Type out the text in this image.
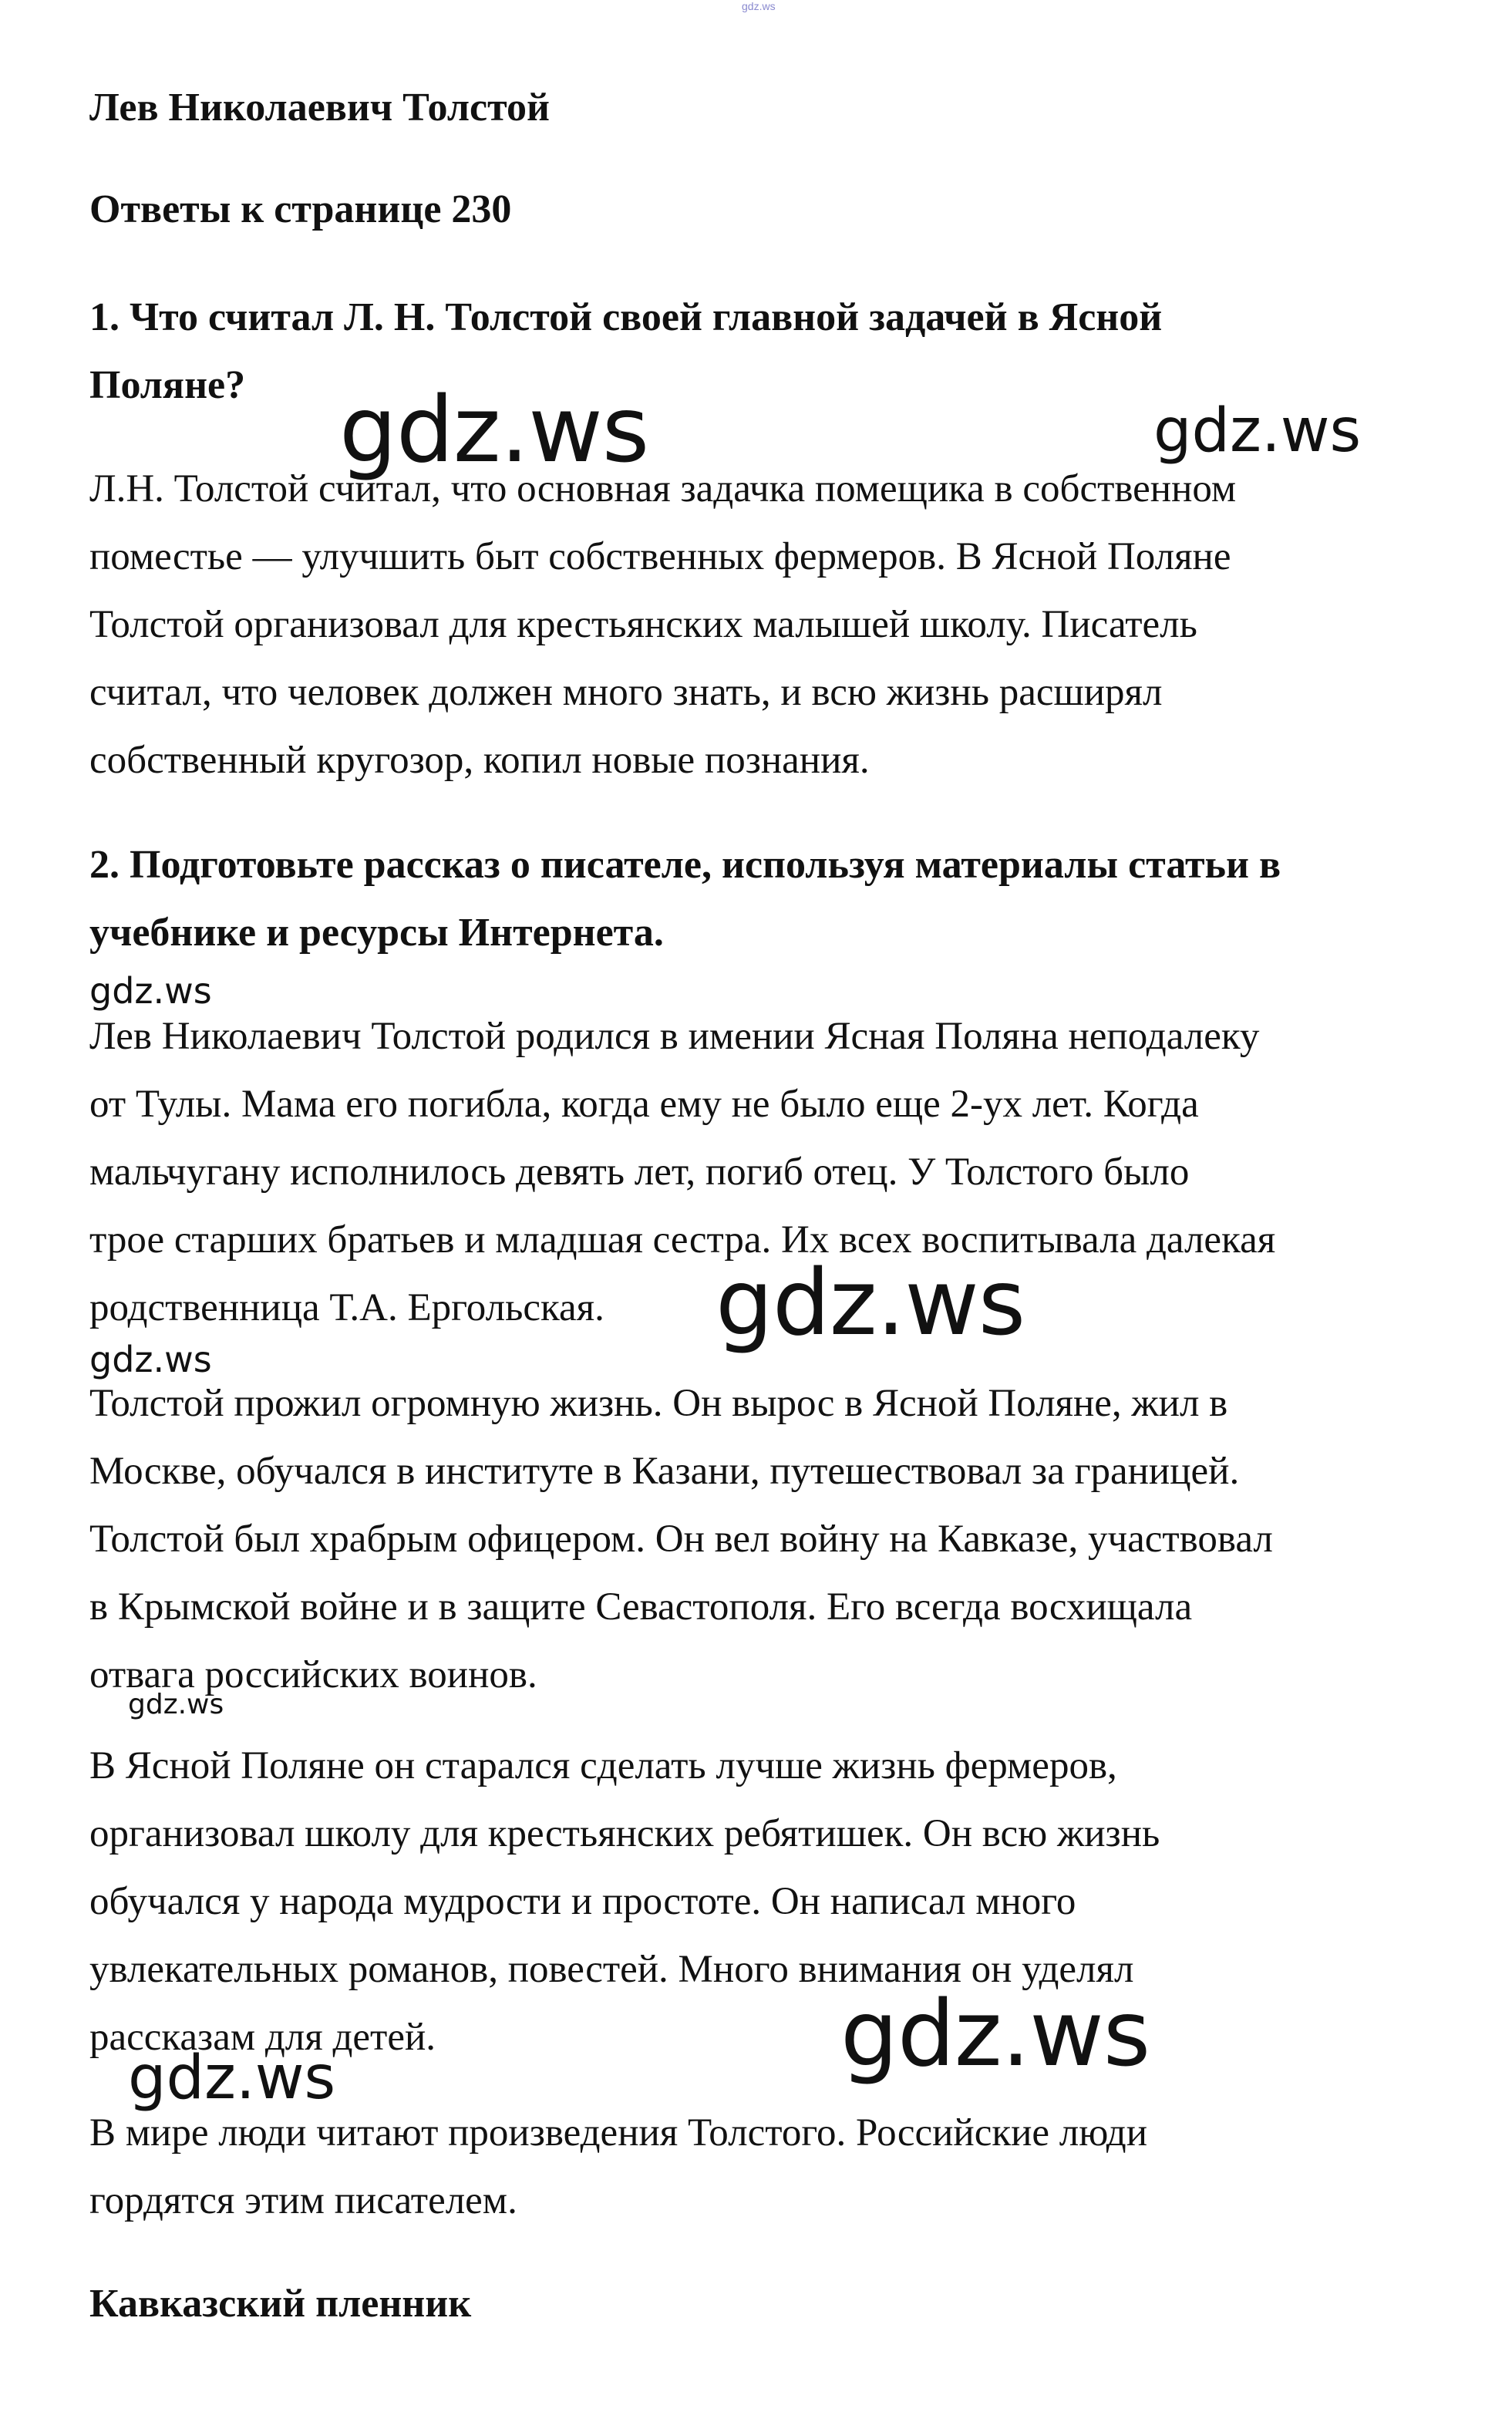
gdz.ws
Лев Николаевич Толстой
Ответы к странице 230

1. Что считал Л. Н. Толстой своей главной задачей в Ясной
Поляне?

Л.Н. Толстой считал, что основная задачка помещика в собственном
поместье — улучшить быт собственных фермеров. В Ясной Поляне
Толстой организовал для крестьянских малышей школу. Писатель
считал, что человек должен много знать, и всю жизнь расширял
собственный кругозор, копил новые познания.

2. Подготовьте рассказ о писателе, используя материалы статьи в
учебнике и ресурсы Интернета.

Лев Николаевич Толстой родился в имении Ясная Поляна неподалеку
от Тулы. Мама его погибла, когда ему не было еще 2-ух лет. Когда
мальчугану исполнилось девять лет, погиб отец. У Толстого было
трое старших братьев и младшая сестра. Их всех воспитывала далекая
родственница Т.А. Ергольская.

Толстой прожил огромную жизнь. Он вырос в Ясной Поляне, жил в
Москве, обучался в институте в Казани, путешествовал за границей.
Толстой был храбрым офицером. Он вел войну на Кавказе, участвовал
в Крымской войне и в защите Севастополя. Его всегда восхищала
отвага российских воинов.

В Ясной Поляне он старался сделать лучше жизнь фермеров,
организовал школу для крестьянских ребятишек. Он всю жизнь
обучался у народа мудрости и простоте. Он написал много
увлекательных романов, повестей. Много внимания он уделял
рассказам для детей.

В мире люди читают произведения Толстого. Российские люди
гордятся этим писателем.

Кавказский пленник
gdz.ws	gdz.ws
gdz.ws
gdz.ws
gdz.ws
gdz.ws
gdz.ws
gdz.ws
